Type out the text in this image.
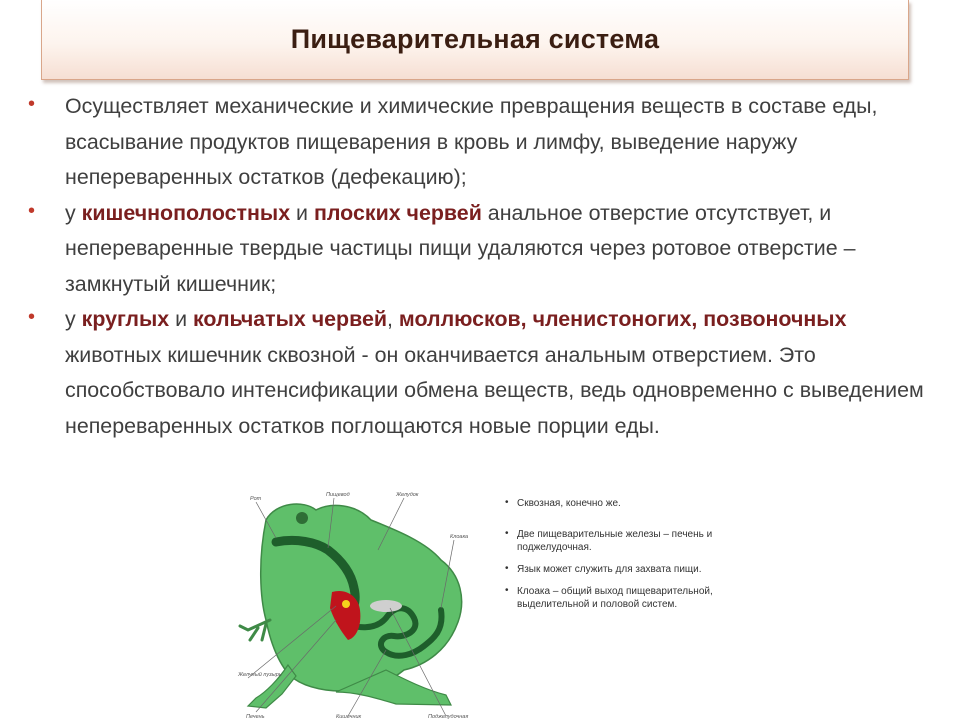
Пищеварительная система
• Осуществляет механические и химические превращения веществ в составе еды, всасывание продуктов пищеварения в кровь и лимфу, выведение наружу непереваренных остатков (дефекацию);
• у кишечнополостных и плоских червей анальное отверстие отсутствует, и непереваренные твердые частицы пищи удаляются через ротовое отверстие – замкнутый кишечник;
• у круглых и кольчатых червей, моллюсков, членистоногих, позвоночных животных кишечник сквозной - он оканчивается анальным отверстием. Это способствовало интенсификации обмена веществ, ведь одновременно с выведением непереваренных остатков поглощаются новые порции еды.
Рот
Пищевод	Желудок
Клоака
Желчный пузырь
Печень	Кишечник	Поджелудочная
• Сквозная, конечно же.
• Две пищеварительные железы – печень и поджелудочная.
• Язык может служить для захвата пищи.
• Клоака – общий выход пищеварительной, выделительной и половой систем.
